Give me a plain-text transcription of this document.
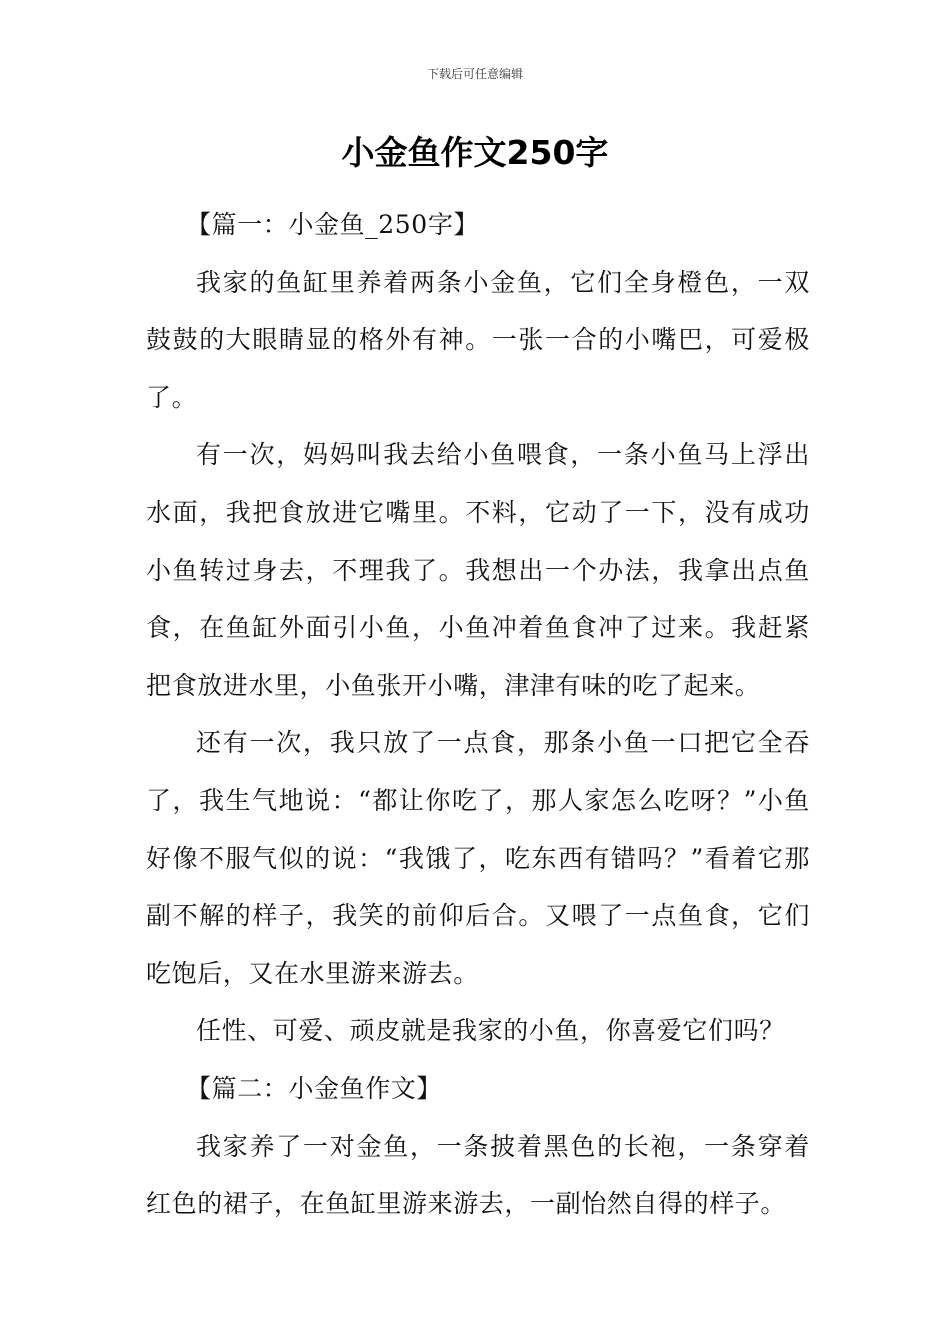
下载后可任意编辑
小金鱼作文250字

【篇一：小金鱼_250字】

我家的鱼缸里养着两条小金鱼，它们全身橙色，一双鼓鼓的大眼睛显的格外有神。一张一合的小嘴巴，可爱极了。

有一次，妈妈叫我去给小鱼喂食，一条小鱼马上浮出水面，我把食放进它嘴里。不料，它动了一下，没有成功小鱼转过身去，不理我了。我想出一个办法，我拿出点鱼食，在鱼缸外面引小鱼，小鱼冲着鱼食冲了过来。我赶紧把食放进水里，小鱼张开小嘴，津津有味的吃了起来。

还有一次，我只放了一点食，那条小鱼一口把它全吞了，我生气地说：“都让你吃了，那人家怎么吃呀？”小鱼好像不服气似的说：“我饿了，吃东西有错吗？”看着它那副不解的样子，我笑的前仰后合。又喂了一点鱼食，它们吃饱后，又在水里游来游去。

任性、可爱、顽皮就是我家的小鱼，你喜爱它们吗？

【篇二：小金鱼作文】

我家养了一对金鱼，一条披着黑色的长袍，一条穿着红色的裙子，在鱼缸里游来游去，一副怡然自得的样子。
